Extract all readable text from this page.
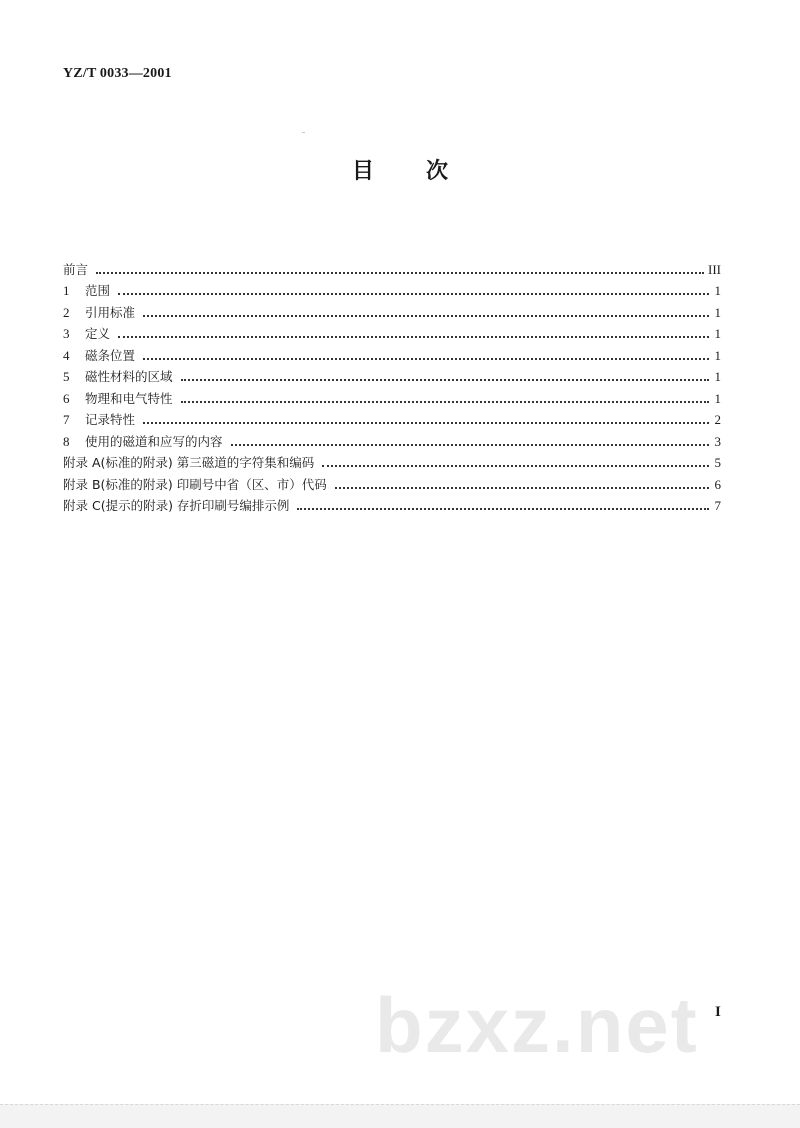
YZ/T 0033—2001
目 次
前言	III
1	范围	1
2	引用标准	1
3	定义	1
4	磁条位置	1
5	磁性材料的区域	1
6	物理和电气特性	1
7	记录特性	2
8	使用的磁道和应写的内容	3
附录 A(标准的附录) 第三磁道的字符集和编码	5
附录 B(标准的附录) 印刷号中省（区、市）代码	6
附录 C(提示的附录) 存折印刷号编排示例	7
bzxz.net I
